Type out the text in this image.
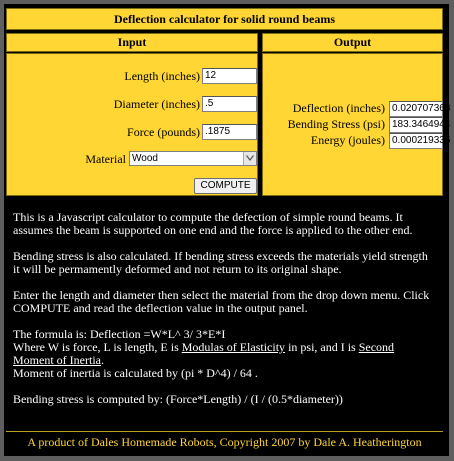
Deflection calculator for solid round beams
Input	Output
Length (inches) 12
Diameter (inches) .5
Force (pounds) .1875
Material Wood
COMPUTE
Deflection (inches) 0.020707368
Bending Stress (psi) 183.3464944
Energy (joules) 0.000219336

This is a Javascript calculator to compute the defection of simple round beams. It assumes the beam is supported on one end and the force is applied to the other end.

Bending stress is also calculated. If bending stress exceeds the materials yield strength it will be permamently deformed and not return to its original shape.

Enter the length and diameter then select the material from the drop down menu. Click COMPUTE and read the deflection value in the output panel.

The formula is: Deflection =W*L^ 3/ 3*E*I
Where W is force, L is length, E is Modulas of Elasticity in psi, and I is Second Moment of Inertia.
Moment of inertia is calculated by (pi * D^4) / 64 .

Bending stress is computed by: (Force*Length) / (I / (0.5*diameter))

A product of Dales Homemade Robots, Copyright 2007 by Dale A. Heatherington
